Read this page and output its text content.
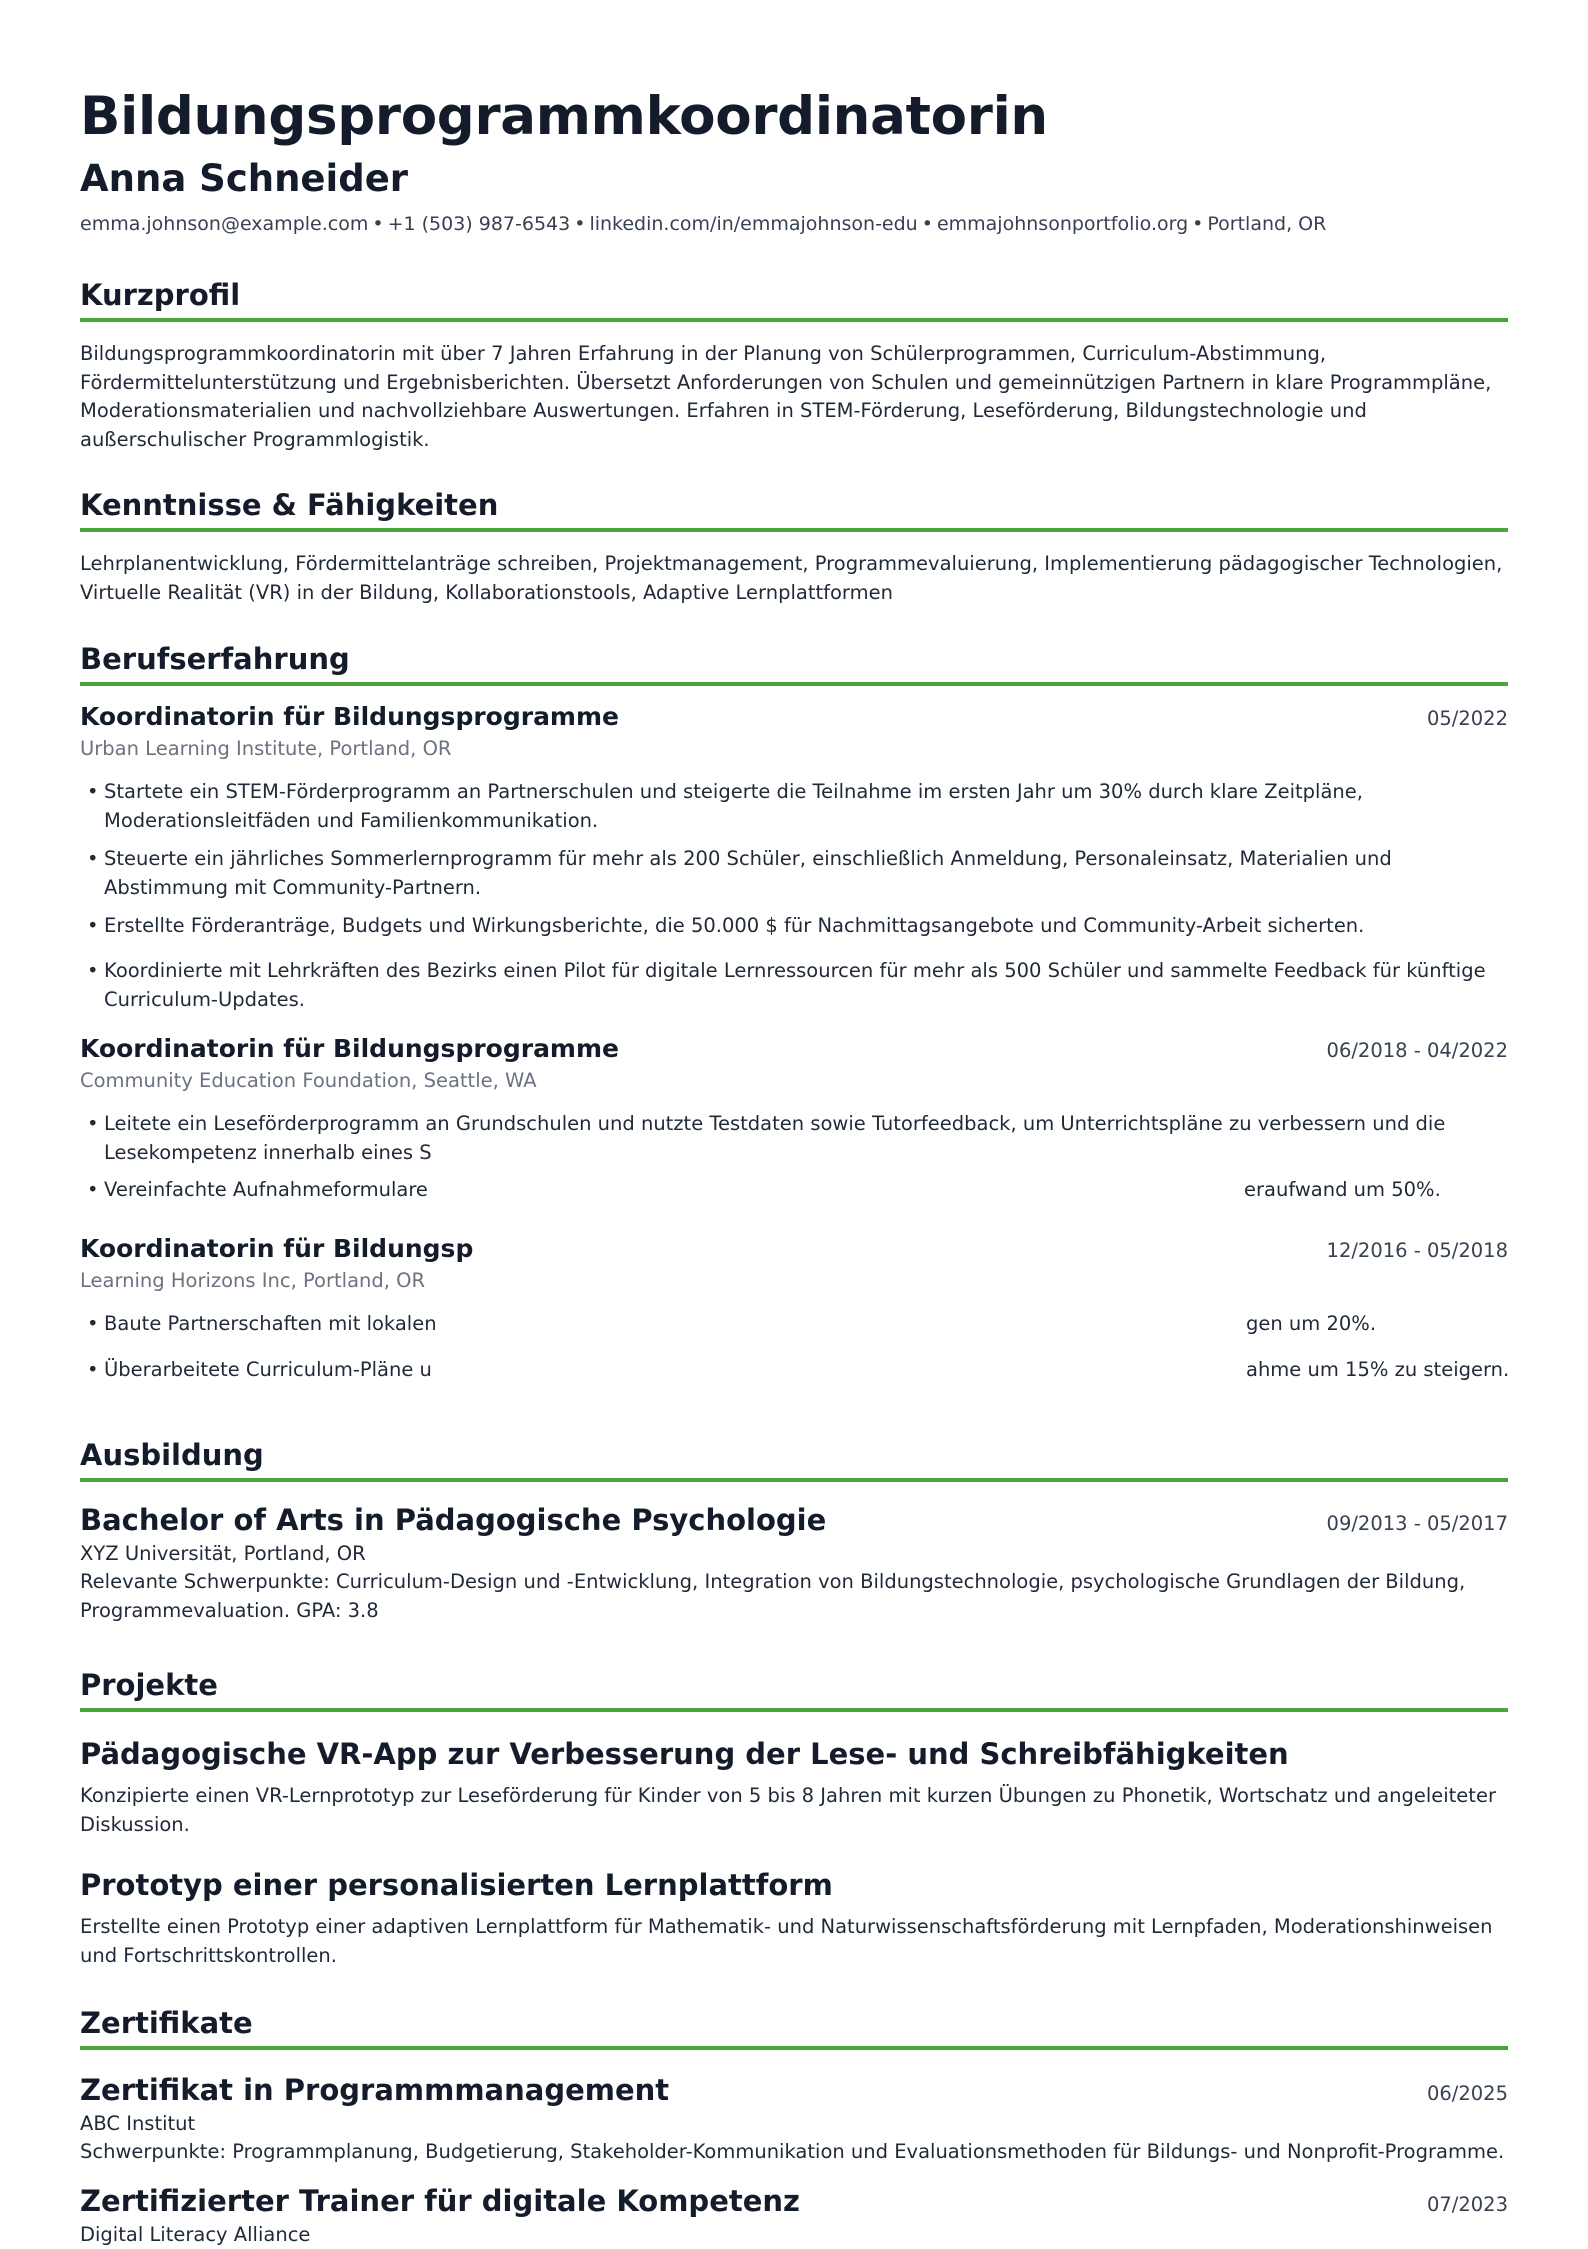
Bildungsprogrammkoordinatorin
Anna Schneider
emma.johnson@example.com • +1 (503) 987-6543 • linkedin.com/in/emmajohnson-edu • emmajohnsonportfolio.org • Portland, OR
Kurzprofil

Bildungsprogrammkoordinatorin mit über 7 Jahren Erfahrung in der Planung von Schülerprogrammen, Curriculum-Abstimmung, Fördermittelunterstützung und Ergebnisberichten. Übersetzt Anforderungen von Schulen und gemeinnützigen Partnern in klare Programmpläne, Moderationsmaterialien und nachvollziehbare Auswertungen. Erfahren in STEM-Förderung, Leseförderung, Bildungstechnologie und außerschulischer Programmlogistik.

Kenntnisse & Fähigkeiten

Lehrplanentwicklung, Fördermittelanträge schreiben, Projektmanagement, Programmevaluierung, Implementierung pädagogischer Technologien, Virtuelle Realität (VR) in der Bildung, Kollaborationstools, Adaptive Lernplattformen

Berufserfahrung
Koordinatorin für Bildungsprogramme	05/2022
Urban Learning Institute, Portland, OR
• Startete ein STEM-Förderprogramm an Partnerschulen und steigerte die Teilnahme im ersten Jahr um 30% durch klare Zeitpläne, Moderationsleitfäden und Familienkommunikation.
• Steuerte ein jährliches Sommerlernprogramm für mehr als 200 Schüler, einschließlich Anmeldung, Personaleinsatz, Materialien und Abstimmung mit Community-Partnern.
• Erstellte Förderanträge, Budgets und Wirkungsberichte, die 50.000 $ für Nachmittagsangebote und Community-Arbeit sicherten.
• Koordinierte mit Lehrkräften des Bezirks einen Pilot für digitale Lernressourcen für mehr als 500 Schüler und sammelte Feedback für künftige Curriculum-Updates.
Koordinatorin für Bildungsprogramme	06/2018 - 04/2022
Community Education Foundation, Seattle, WA
• Leitete ein Leseförderprogramm an Grundschulen und nutzte Testdaten sowie Tutorfeedback, um Unterrichtspläne zu verbessern und die Lesekompetenz innerhalb eines S
• Vereinfachte Aufnahmeformulare	eraufwand um 50%.
Koordinatorin für Bildungsp	12/2016 - 05/2018
Learning Horizons Inc, Portland, OR
• Baute Partnerschaften mit lokalen	gen um 20%.
• Überarbeitete Curriculum-Pläne u	ahme um 15% zu steigern.
Ausbildung
Bachelor of Arts in Pädagogische Psychologie	09/2013 - 05/2017
XYZ Universität, Portland, OR

Relevante Schwerpunkte: Curriculum-Design und -Entwicklung, Integration von Bildungstechnologie, psychologische Grundlagen der Bildung, Programmevaluation. GPA: 3.8

Projekte
Pädagogische VR-App zur Verbesserung der Lese- und Schreibfähigkeiten

Konzipierte einen VR-Lernprototyp zur Leseförderung für Kinder von 5 bis 8 Jahren mit kurzen Übungen zu Phonetik, Wortschatz und angeleiteter Diskussion.

Prototyp einer personalisierten Lernplattform

Erstellte einen Prototyp einer adaptiven Lernplattform für Mathematik- und Naturwissenschaftsförderung mit Lernpfaden, Moderationshinweisen und Fortschrittskontrollen.

Zertifikate
Zertifikat in Programmmanagement	06/2025
ABC Institut

Schwerpunkte: Programmplanung, Budgetierung, Stakeholder-Kommunikation und Evaluationsmethoden für Bildungs- und Nonprofit-Programme.

Zertifizierter Trainer für digitale Kompetenz	07/2023
Digital Literacy Alliance
